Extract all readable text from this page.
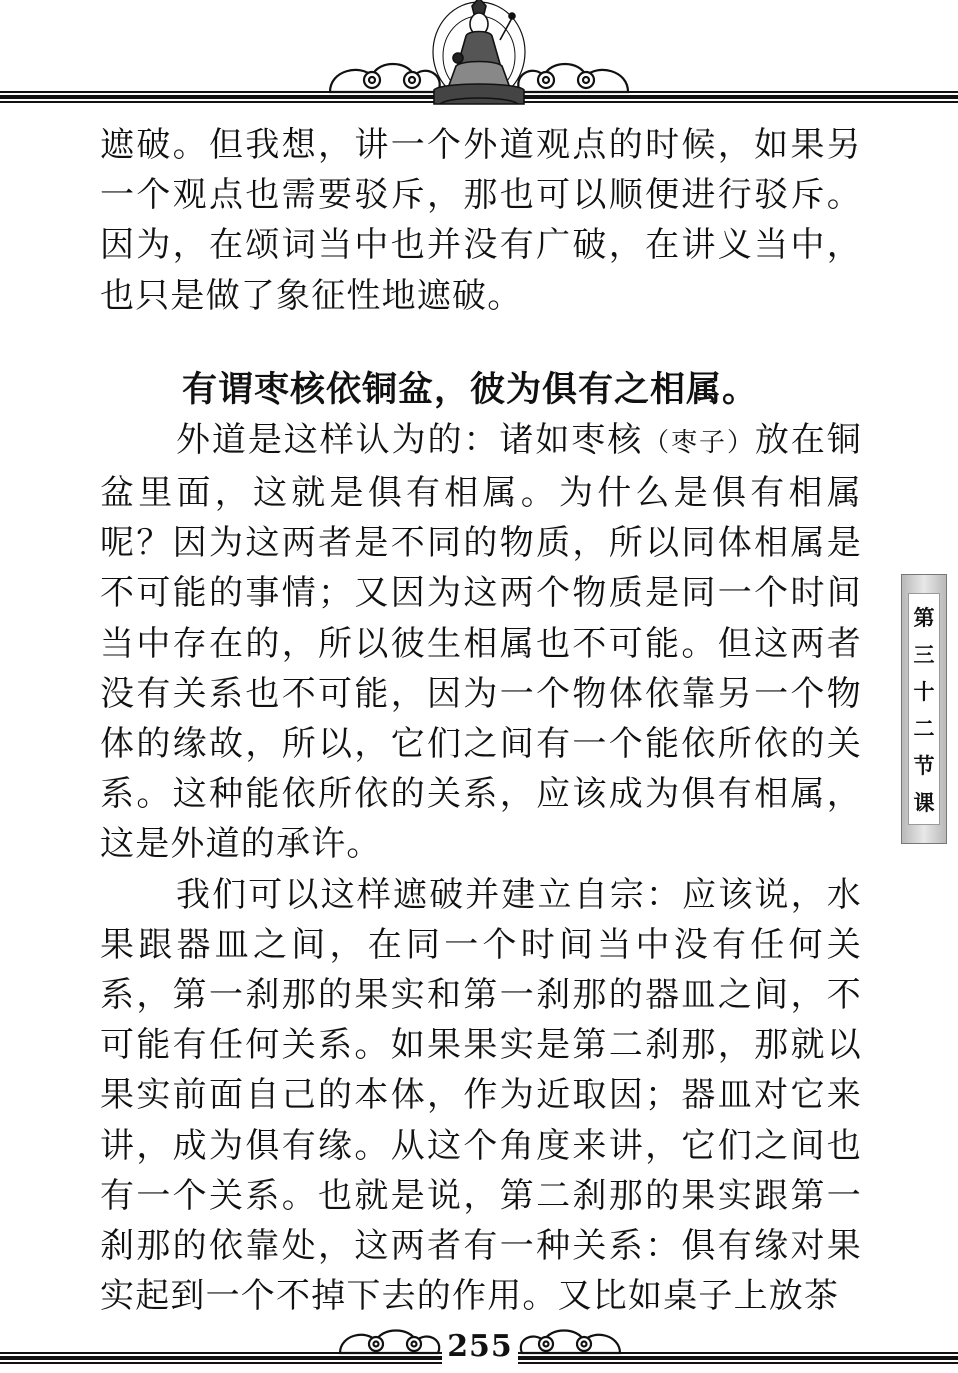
遮破。但我想，讲一个外道观点的时候，如果另一个观点也需要驳斥，那也可以顺便进行驳斥。因为，在颂词当中也并没有广破，在讲义当中，也只是做了象征性地遮破。

有谓枣核依铜盆，彼为俱有之相属。

外道是这样认为的：诸如枣核（枣子）放在铜盆里面，这就是俱有相属。为什么是俱有相属呢？因为这两者是不同的物质，所以同体相属是不可能的事情；又因为这两个物质是同一个时间当中存在的，所以彼生相属也不可能。但这两者没有关系也不可能，因为一个物体依靠另一个物体的缘故，所以，它们之间有一个能依所依的关系。这种能依所依的关系，应该成为俱有相属，这是外道的承许。

我们可以这样遮破并建立自宗：应该说，水果跟器皿之间，在同一个时间当中没有任何关系，第一刹那的果实和第一刹那的器皿之间，不可能有任何关系。如果果实是第二刹那，那就以果实前面自己的本体，作为近取因；器皿对它来讲，成为俱有缘。从这个角度来讲，它们之间也有一个关系。也就是说，第二刹那的果实跟第一刹那的依靠处，这两者有一种关系：俱有缘对果实起到一个不掉下去的作用。又比如桌子上放茶

第
三
十
二
节
课
255
